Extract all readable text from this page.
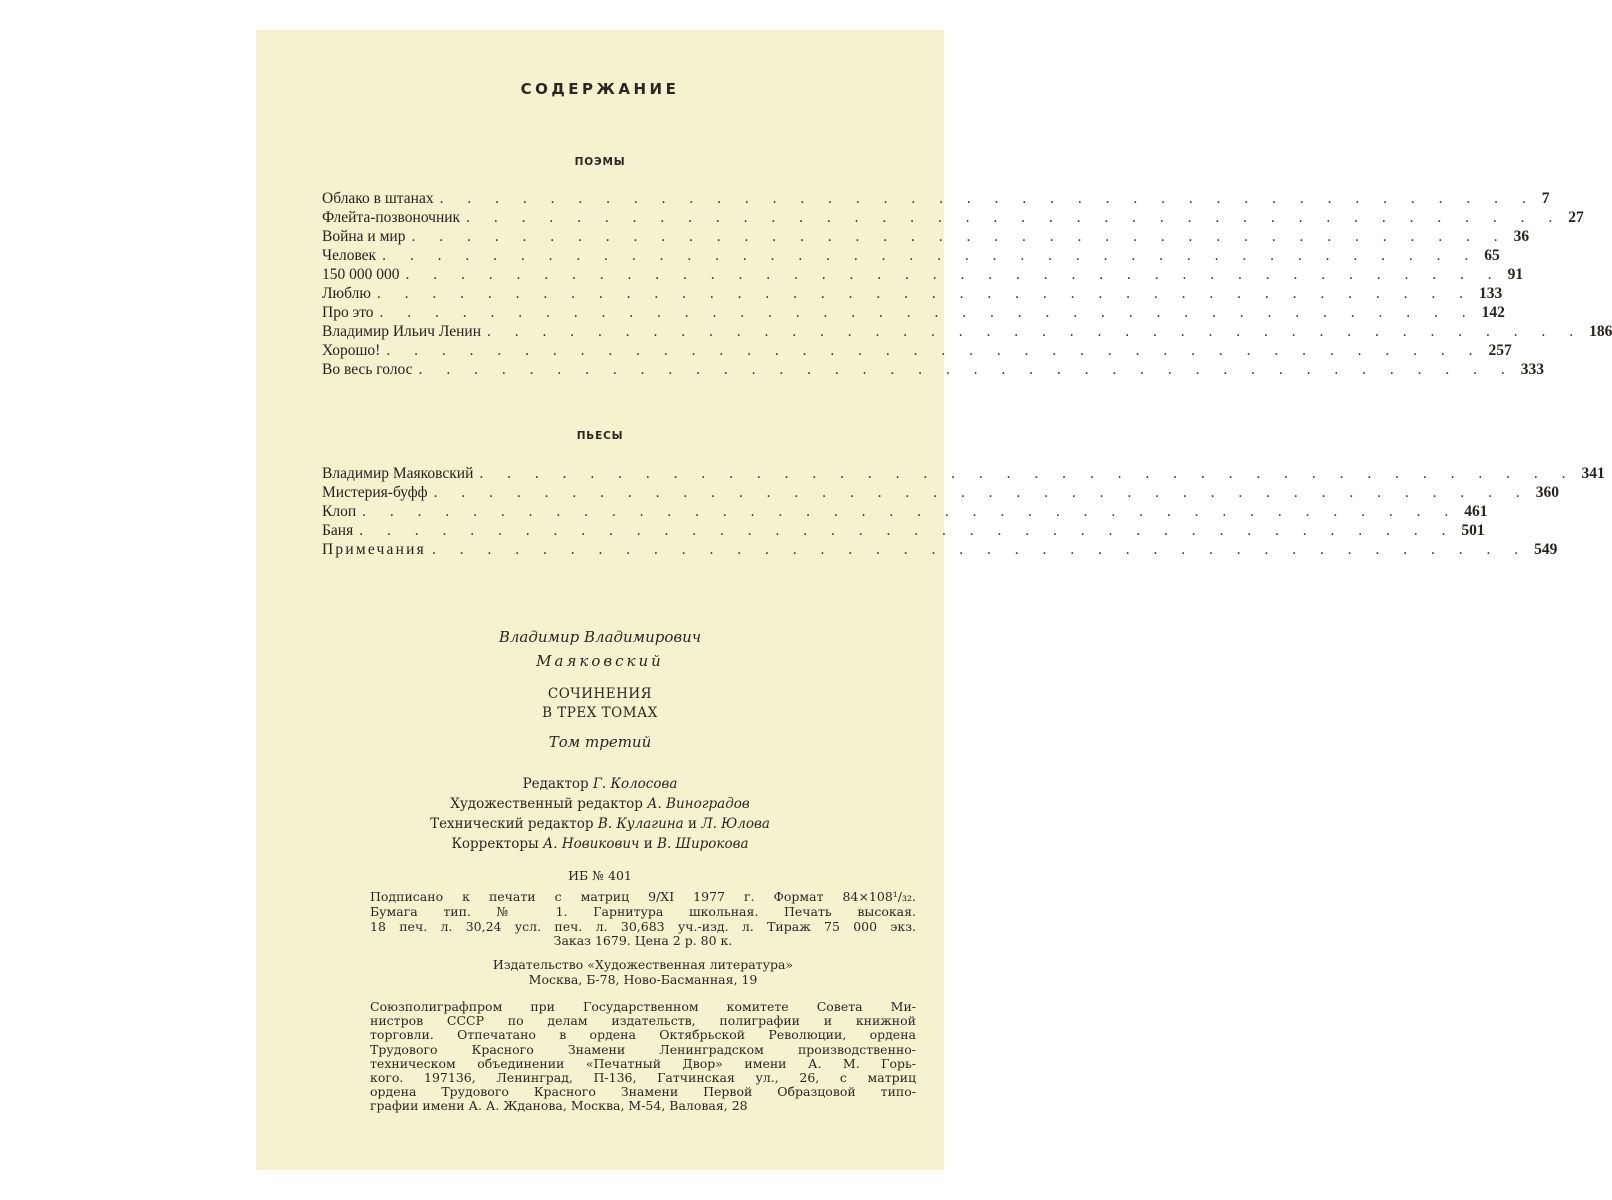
СОДЕРЖАНИЕ
ПОЭМЫ
Облако в штанах . . . . . . . . . . . . . . . . . . . . . . . . . . . . . . . . . . . . . . . . 7
Флейта-позвоночник . . . . . . . . . . . . . . . . . . . . . . . . . . . . . . . . . . . . . . . . 27
Война и мир . . . . . . . . . . . . . . . . . . . . . . . . . . . . . . . . . . . . . . . . 36
Человек . . . . . . . . . . . . . . . . . . . . . . . . . . . . . . . . . . . . . . . . 65
150 000 000 . . . . . . . . . . . . . . . . . . . . . . . . . . . . . . . . . . . . . . . . 91
Люблю . . . . . . . . . . . . . . . . . . . . . . . . . . . . . . . . . . . . . . . . 133
Про это . . . . . . . . . . . . . . . . . . . . . . . . . . . . . . . . . . . . . . . . 142
Владимир Ильич Ленин . . . . . . . . . . . . . . . . . . . . . . . . . . . . . . . . . . . . . . . . 186
Хорошо! . . . . . . . . . . . . . . . . . . . . . . . . . . . . . . . . . . . . . . . . 257
Во весь голос . . . . . . . . . . . . . . . . . . . . . . . . . . . . . . . . . . . . . . . . 333
ПЬЕСЫ
Владимир Маяковский . . . . . . . . . . . . . . . . . . . . . . . . . . . . . . . . . . . . . . . . 341
Мистерия-буфф . . . . . . . . . . . . . . . . . . . . . . . . . . . . . . . . . . . . . . . . 360
Клоп . . . . . . . . . . . . . . . . . . . . . . . . . . . . . . . . . . . . . . . . 461
Баня . . . . . . . . . . . . . . . . . . . . . . . . . . . . . . . . . . . . . . . . 501
Примечания . . . . . . . . . . . . . . . . . . . . . . . . . . . . . . . . . . . . . . . . 549
Владимир Владимирович
Маяковский
СОЧИНЕНИЯ
В ТРЕХ ТОМАХ
Том третий
Редактор Г. Колосова
Художественный редактор А. Виноградов
Технический редактор В. Кулагина и Л. Юлова
Корректоры А. Новикович и В. Широкова
ИБ № 401
Подписано к печати с матриц 9/XI 1977 г. Формат 84×108¹/₃₂.
Бумага тип. № 1. Гарнитура школьная. Печать высокая.
18 печ. л. 30,24 усл. печ. л. 30,683 уч.-изд. л. Тираж 75 000 экз.
Заказ 1679. Цена 2 р. 80 к.
Издательство «Художественная литература»
Москва, Б-78, Ново-Басманная, 19
Союзполиграфпром при Государственном комитете Совета Ми-
нистров СССР по делам издательств, полиграфии и книжной
торговли. Отпечатано в ордена Октябрьской Революции, ордена
Трудового Красного Знамени Ленинградском производственно-
техническом объединении «Печатный Двор» имени А. М. Горь-
кого. 197136, Ленинград, П-136, Гатчинская ул., 26, с матриц
ордена Трудового Красного Знамени Первой Образцовой типо-
графии имени А. А. Жданова, Москва, М-54, Валовая, 28
